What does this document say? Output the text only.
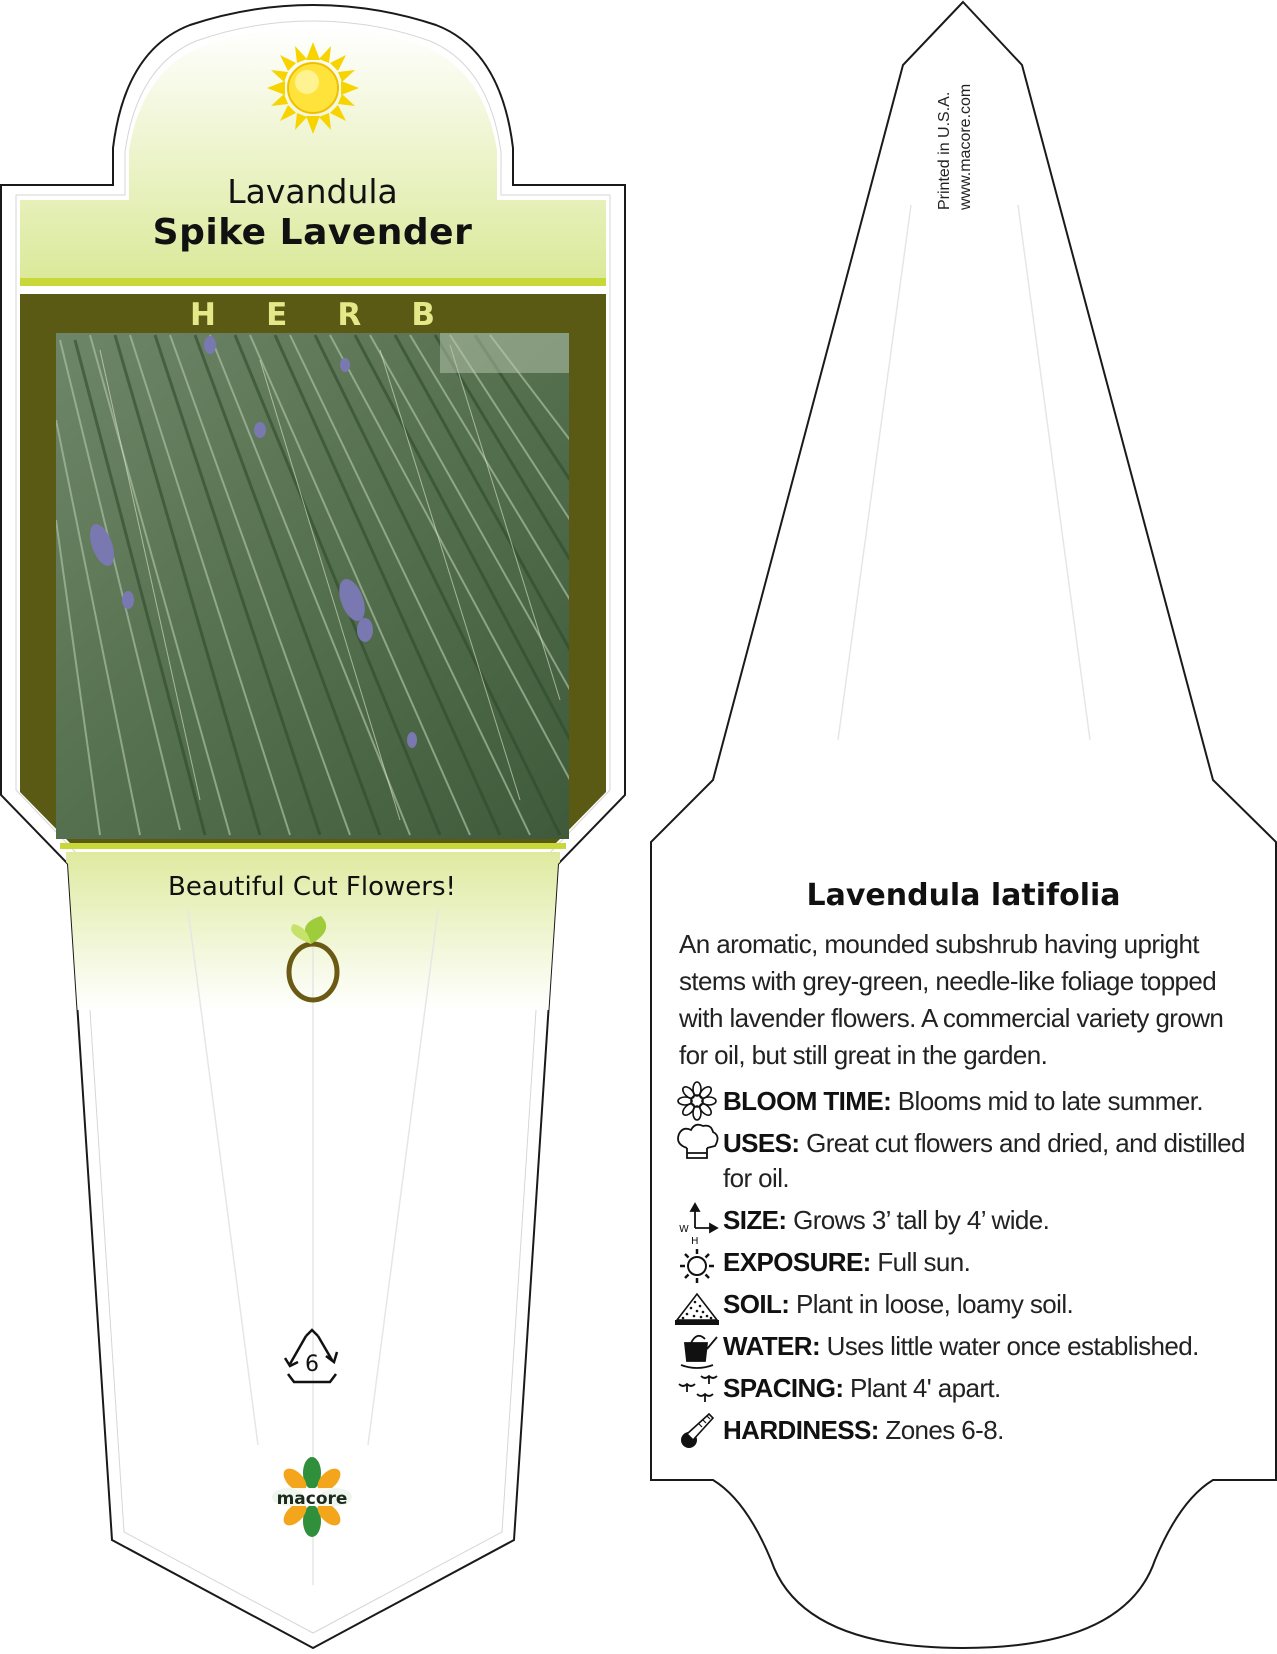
W
H
Lavandula
Spike Lavender
H E R B
Beautiful Cut Flowers!
6
macore
Printed in U.S.A. www.macore.com
Lavendula latifolia
An aromatic, mounded subshrub having upright stems with grey-green, needle-like foliage topped with lavender flowers. A commercial variety grown for oil, but still great in the garden.
BLOOM TIME: Blooms mid to late summer.
USES: Great cut flowers and dried, and distilled for oil.
SIZE: Grows 3’ tall by 4’ wide.
EXPOSURE: Full sun.
SOIL: Plant in loose, loamy soil.
WATER: Uses little water once established.
SPACING: Plant 4' apart.
HARDINESS: Zones 6-8.
